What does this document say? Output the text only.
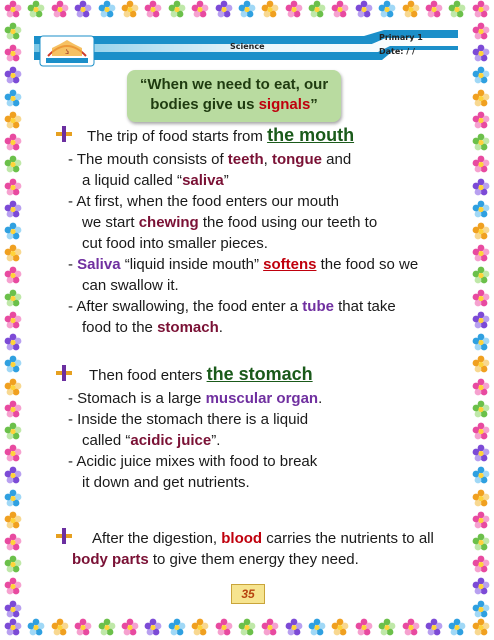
ܪ
Science
Primary 1
Date: / /
“When we need to eat, our
bodies give us signals”
The trip of food starts from the mouth
- The mouth consists of teeth, tongue and
a liquid called “saliva”
- At first, when the food enters our mouth
we start chewing the food using our teeth to
cut food into smaller pieces.
- Saliva “liquid inside mouth” softens the food so we
can swallow it.
- After swallowing, the food enter a tube that take
food to the stomach.
Then food enters the stomach
- Stomach is a large muscular organ.
- Inside the stomach there is a liquid
called “acidic juice”.
- Acidic juice mixes with food to break
it down and get nutrients.
After the digestion, blood carries the nutrients to all
body parts to give them energy they need.
35
